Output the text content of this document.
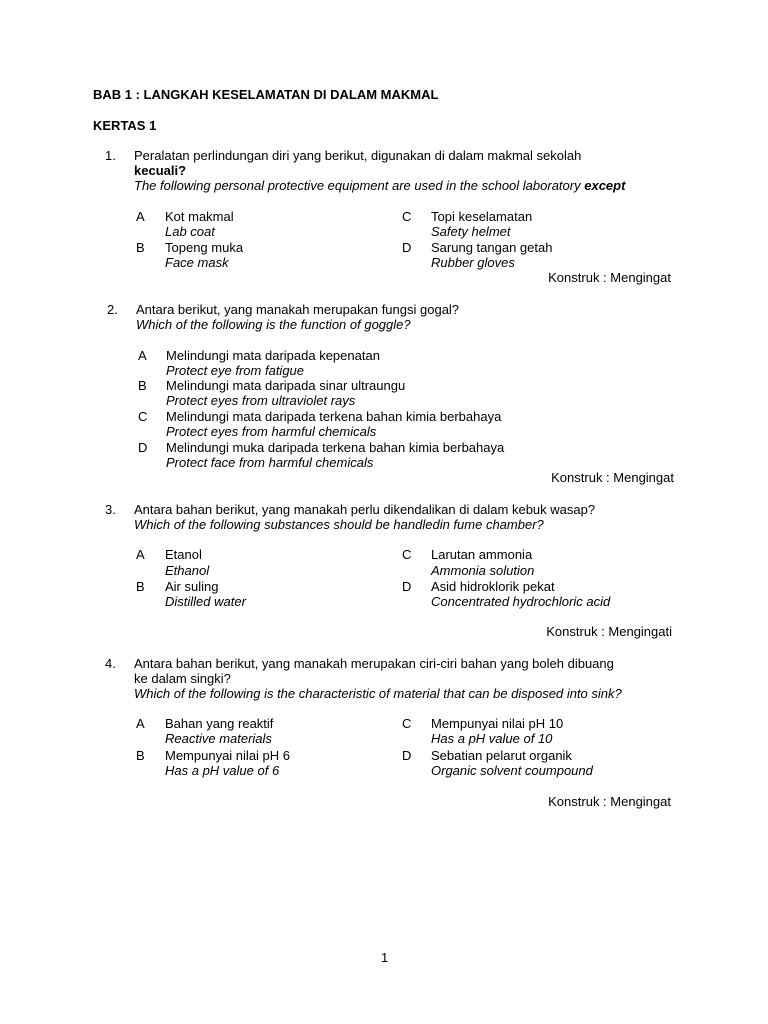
BAB 1 : LANGKAH KESELAMATAN DI DALAM MAKMAL
KERTAS 1
1. Peralatan perlindungan diri yang berikut, digunakan di dalam makmal sekolah
kecuali?
The following personal protective equipment are used in the school laboratory except
A Kot makmal
Lab coat
B Topeng muka
Face mask
C Topi keselamatan
Safety helmet
D Sarung tangan getah
Rubber gloves
Konstruk : Mengingat
2. Antara berikut, yang manakah merupakan fungsi gogal?
Which of the following is the function of goggle?
A Melindungi mata daripada kepenatan
Protect eye from fatigue
B Melindungi mata daripada sinar ultraungu
Protect eyes from ultraviolet rays
C Melindungi mata daripada terkena bahan kimia berbahaya
Protect eyes from harmful chemicals
D Melindungi muka daripada terkena bahan kimia berbahaya
Protect face from harmful chemicals
Konstruk : Mengingat
3. Antara bahan berikut, yang manakah perlu dikendalikan di dalam kebuk wasap?
Which of the following substances should be handledin fume chamber?
A Etanol
Ethanol
B Air suling
Distilled water
C Larutan ammonia
Ammonia solution
D Asid hidroklorik pekat
Concentrated hydrochloric acid
Konstruk : Mengingati
4. Antara bahan berikut, yang manakah merupakan ciri-ciri bahan yang boleh dibuang
ke dalam singki?
Which of the following is the characteristic of material that can be disposed into sink?
A Bahan yang reaktif
Reactive materials
B Mempunyai nilai pH 6
Has a pH value of 6
C Mempunyai nilai pH 10
Has a pH value of 10
D Sebatian pelarut organik
Organic solvent coumpound
Konstruk : Mengingat
1
